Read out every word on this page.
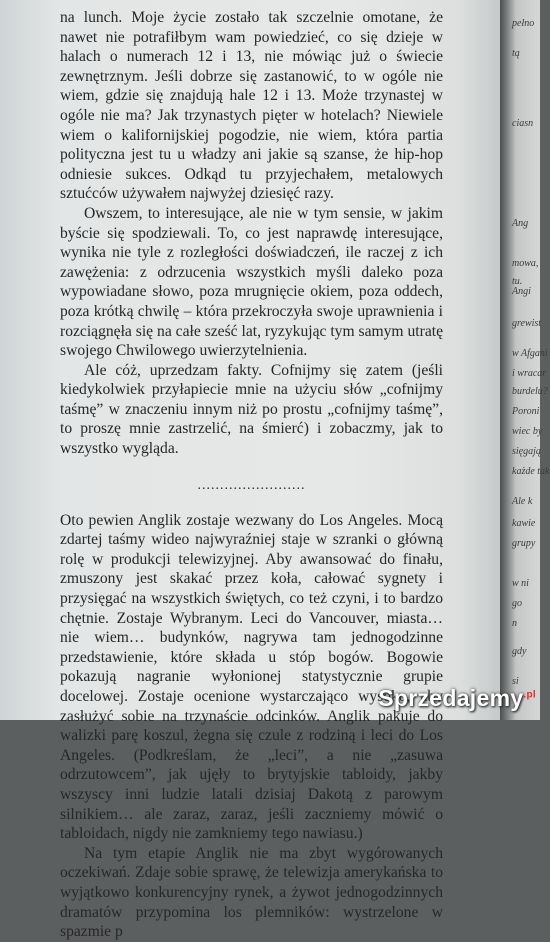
na lunch. Moje życie zostało tak szczelnie omotane, że nawet nie potrafiłbym wam powiedzieć, co się dzieje w halach o numerach 12 i 13, nie mówiąc już o świecie zewnętrznym. Jeśli dobrze się zastanowić, to w ogóle nie wiem, gdzie się znajdują hale 12 i 13. Może trzynastej w ogóle nie ma? Jak trzynastych pięter w hotelach? Niewiele wiem o kalifornijskiej pogodzie, nie wiem, która partia polityczna jest tu u władzy ani jakie są szanse, że hip-hop odniesie sukces. Odkąd tu przyjechałem, metalowych sztućców używałem najwyżej dziesięć razy.

Owszem, to interesujące, ale nie w tym sensie, w jakim byście się spodziewali. To, co jest naprawdę interesujące, wynika nie tyle z rozległości doświadczeń, ile raczej z ich zawężenia: z odrzucenia wszystkich myśli daleko poza wypowiadane słowo, poza mrugnięcie okiem, poza oddech, poza krótką chwilę – która przekroczyła swoje uprawnienia i rozciągnęła się na całe sześć lat, ryzykując tym samym utratę swojego Chwilowego uwierzytelnienia.

Ale cóż, uprzedzam fakty. Cofnijmy się zatem (jeśli kiedykolwiek przyłapiecie mnie na użyciu słów „cofnijmy taśmę” w znaczeniu innym niż po prostu „cofnijmy taśmę”, to proszę mnie zastrzelić, na śmierć) i zobaczmy, jak to wszystko wygląda.

........................

Oto pewien Anglik zostaje wezwany do Los Angeles. Mocą zdartej taśmy wideo najwyraźniej staje w szranki o główną rolę w produkcji telewizyjnej. Aby awansować do finału, zmuszony jest skakać przez koła, całować sygnety i przysięgać na wszystkich świętych, co też czyni, i to bardzo chętnie. Zostaje Wybranym. Leci do Vancouver, miasta… nie wiem… budynków, nagrywa tam jednogodzinne przedstawienie, które składa u stóp bogów. Bogowie pokazują nagranie wyłonionej statystycznie grupie docelowej. Zostaje ocenione wystarczająco wysoko, aby zasłużyć sobie na trzynaście odcinków. Anglik pakuje do walizki parę koszul, żegna się czule z rodziną i leci do Los Angeles. (Podkreślam, że „leci”, a nie „zasuwa odrzutowcem”, jak ujęły to brytyjskie tabloidy, jakby wszyscy inni ludzie latali dzisiaj Dakotą z parowym silnikiem… ale zaraz, zaraz, jeśli zaczniemy mówić o tabloidach, nigdy nie zamkniemy tego nawiasu.)

Na tym etapie Anglik nie ma zbyt wygórowanych oczekiwań. Zdaje sobie sprawę, że telewizja amerykańska to wyjątkowo konkurencyjny rynek, a żywot jednogodzinnych dramatów przypomina los plemników: wystrzelone w spazmie p

pełno
tą
ciasn
Ang
mowa,
tu.
Angi
grewist
w Afgani
i wracar
burdelu?
Poroni
wiec by
sięgają
każde tak
Ale k
kawie
grupy
w ni
go
n
gdy
si
Sprzedajemy$^{.pl}$
